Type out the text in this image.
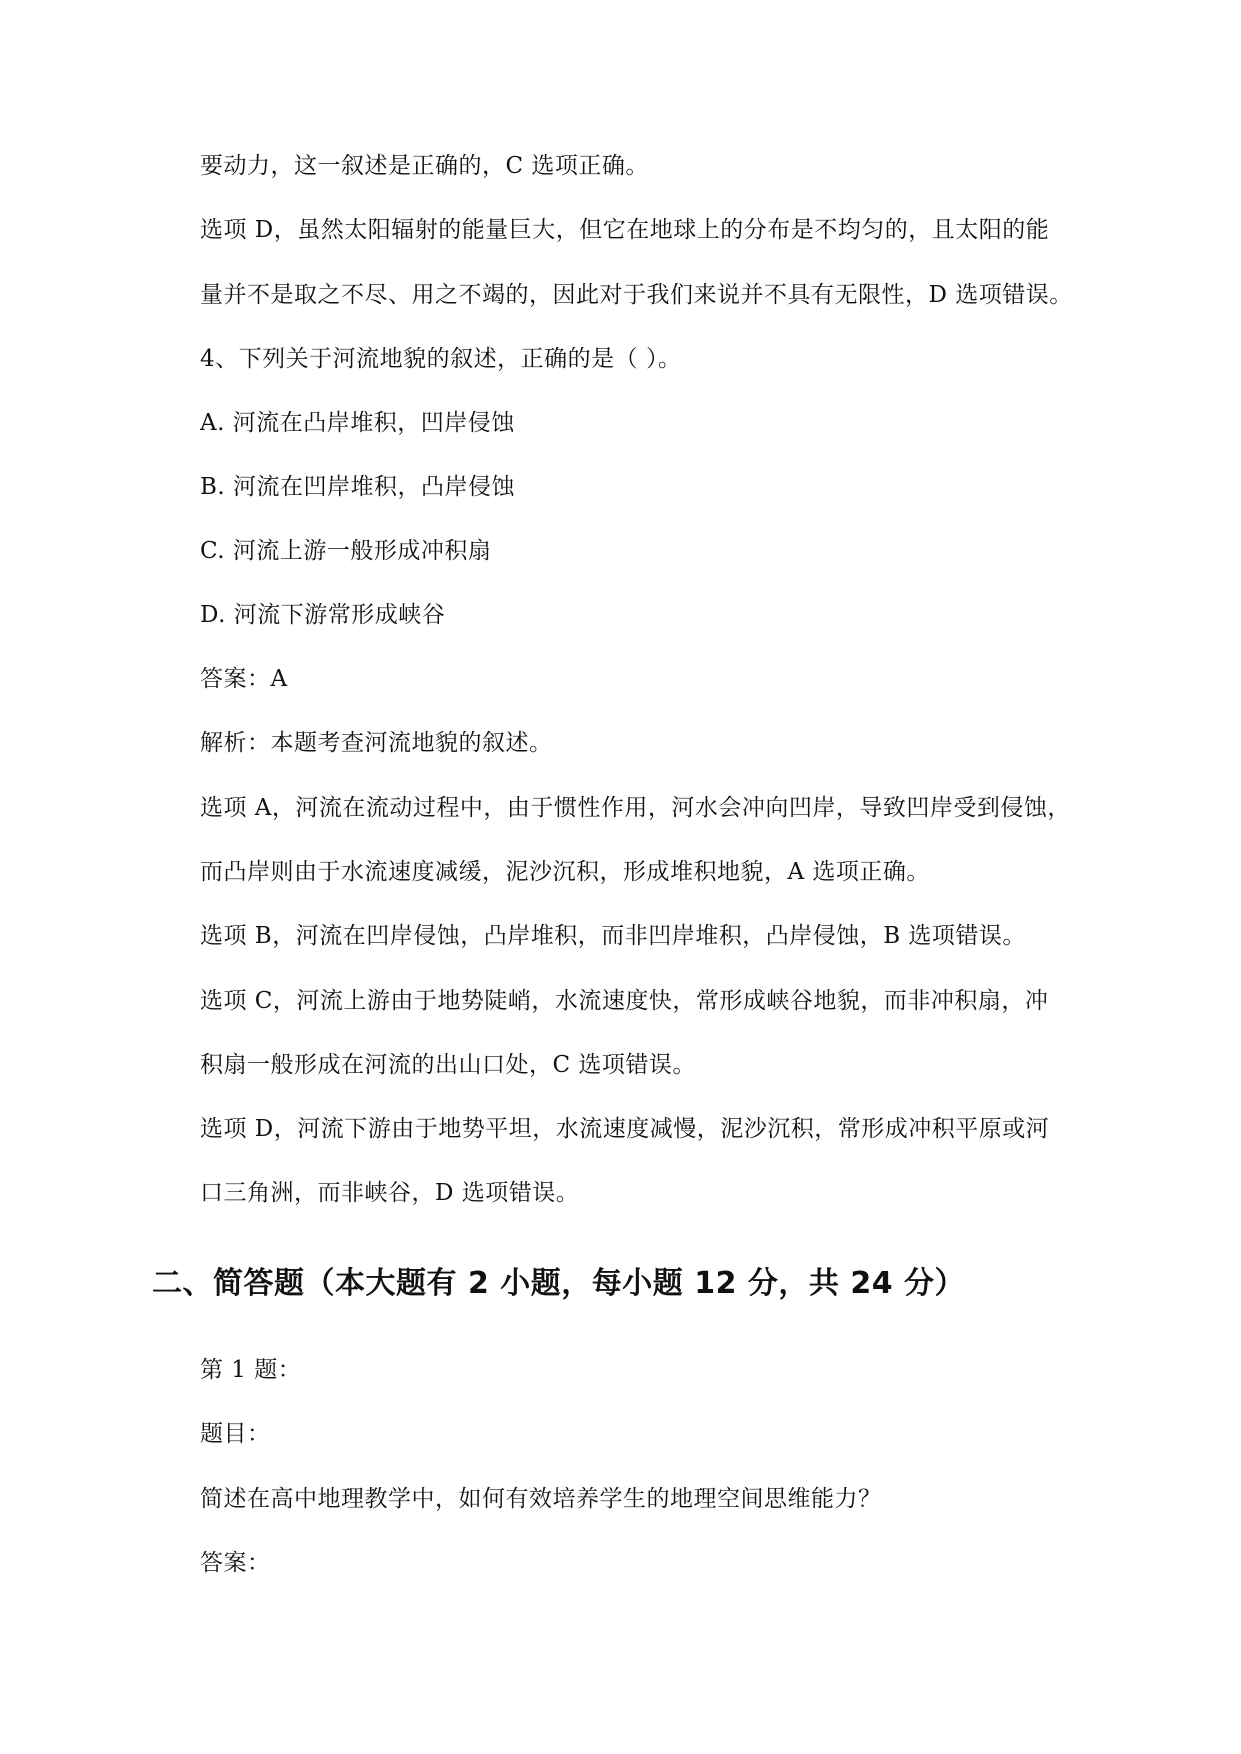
要动力，这一叙述是正确的，C 选项正确。
选项 D，虽然太阳辐射的能量巨大，但它在地球上的分布是不均匀的，且太阳的能
量并不是取之不尽、用之不竭的，因此对于我们来说并不具有无限性，D 选项错误。
4、下列关于河流地貌的叙述，正确的是（ ）。
A. 河流在凸岸堆积，凹岸侵蚀
B. 河流在凹岸堆积，凸岸侵蚀
C. 河流上游一般形成冲积扇
D. 河流下游常形成峡谷
答案：A
解析：本题考查河流地貌的叙述。
选项 A，河流在流动过程中，由于惯性作用，河水会冲向凹岸，导致凹岸受到侵蚀，
而凸岸则由于水流速度减缓，泥沙沉积，形成堆积地貌，A 选项正确。
选项 B，河流在凹岸侵蚀，凸岸堆积，而非凹岸堆积，凸岸侵蚀，B 选项错误。
选项 C，河流上游由于地势陡峭，水流速度快，常形成峡谷地貌，而非冲积扇，冲
积扇一般形成在河流的出山口处，C 选项错误。
选项 D，河流下游由于地势平坦，水流速度减慢，泥沙沉积，常形成冲积平原或河
口三角洲，而非峡谷，D 选项错误。
二、简答题（本大题有 2 小题，每小题 12 分，共 24 分）
第 1 题：
题目：
简述在高中地理教学中，如何有效培养学生的地理空间思维能力？
答案：
